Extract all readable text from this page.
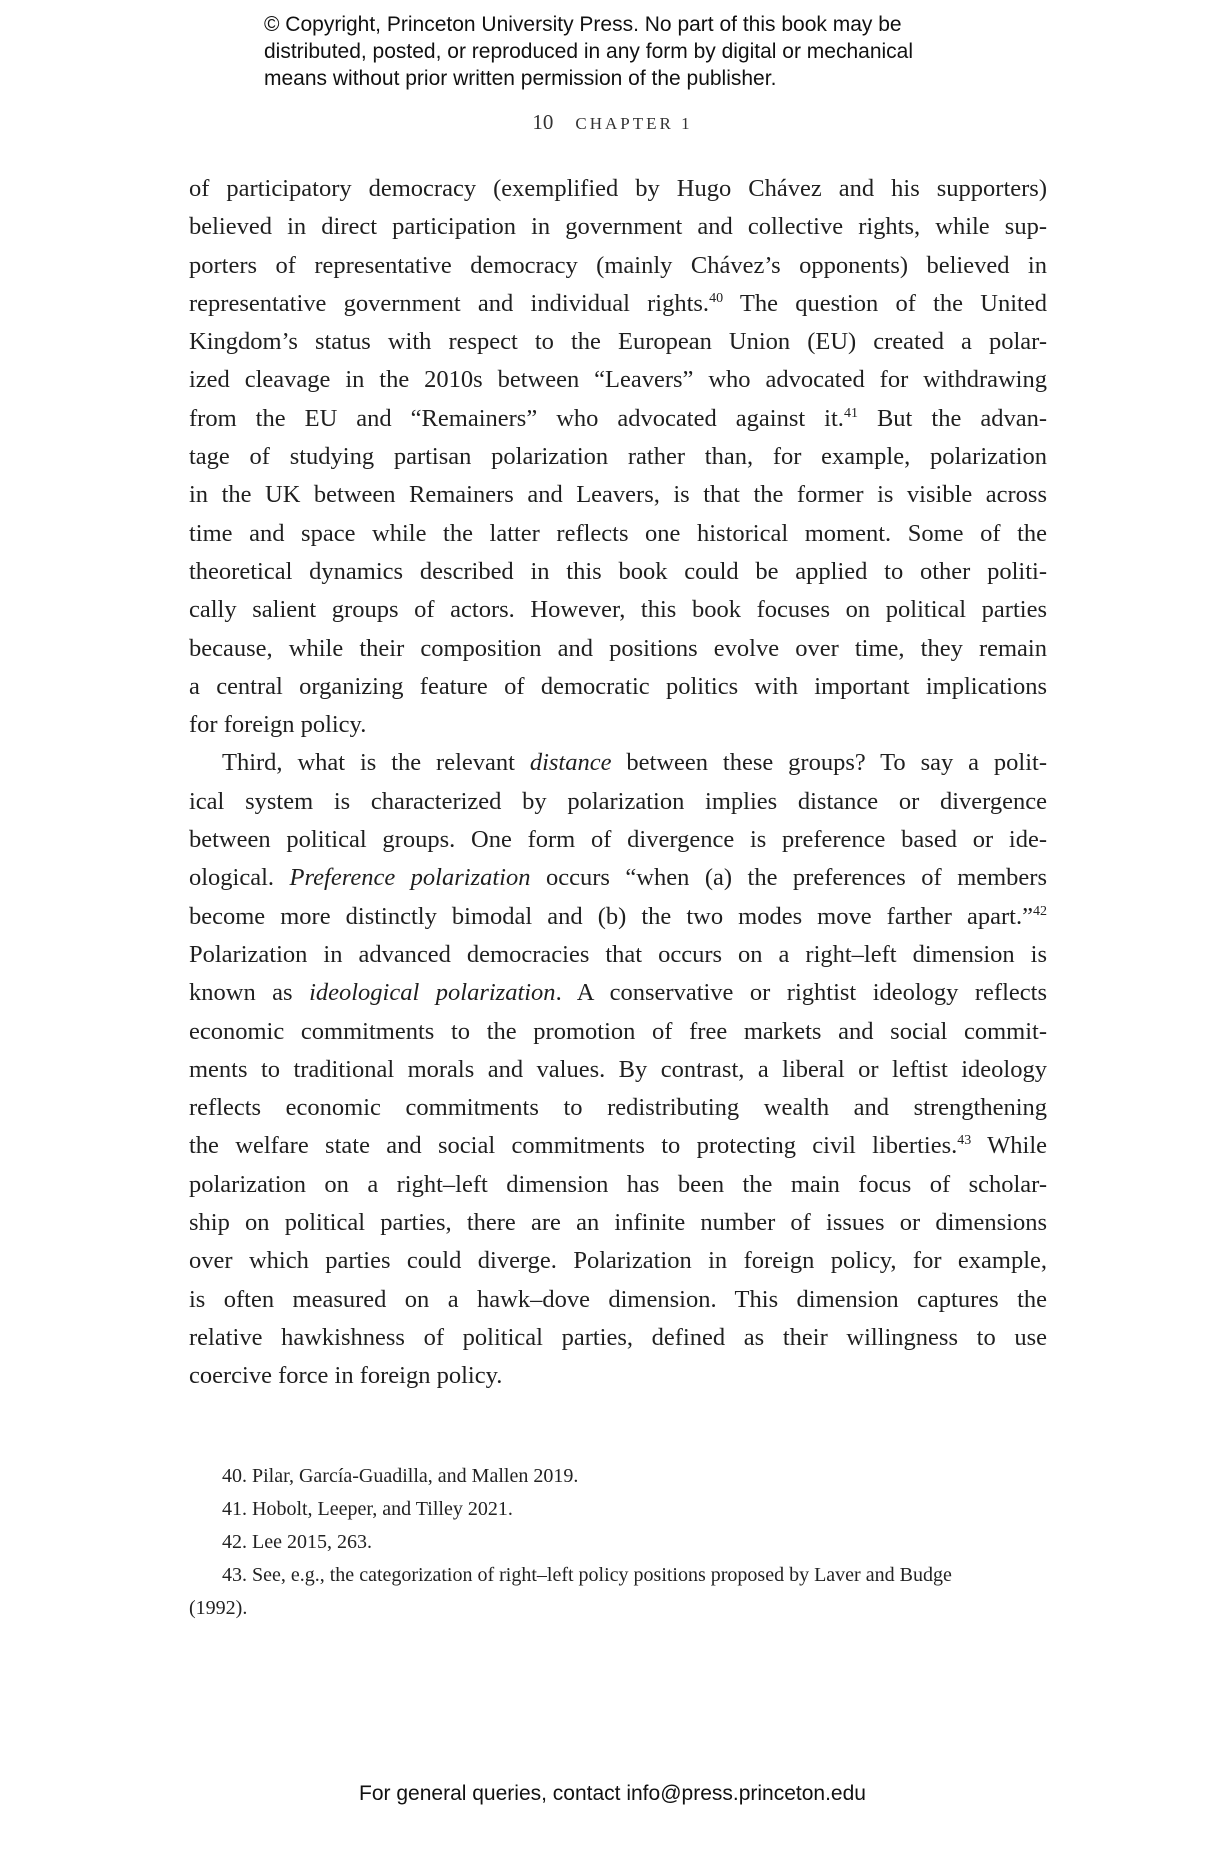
© Copyright, Princeton University Press. No part of this book may be
distributed, posted, or reproduced in any form by digital or mechanical
means without prior written permission of the publisher.
10 CHAPTER 1
of participatory democracy (exemplified by Hugo Chávez and his supporters)
believed in direct participation in government and collective rights, while sup-
porters of representative democracy (mainly Chávez’s opponents) believed in
representative government and individual rights.$^{40}$ The question of the United
Kingdom’s status with respect to the European Union (EU) created a polar-
ized cleavage in the 2010s between “Leavers” who advocated for withdrawing
from the EU and “Remainers” who advocated against it.$^{41}$ But the advan-
tage of studying partisan polarization rather than, for example, polarization
in the UK between Remainers and Leavers, is that the former is visible across
time and space while the latter reflects one historical moment. Some of the
theoretical dynamics described in this book could be applied to other politi-
cally salient groups of actors. However, this book focuses on political parties
because, while their composition and positions evolve over time, they remain
a central organizing feature of democratic politics with important implications
for foreign policy.
Third, what is the relevant distance between these groups? To say a polit-
ical system is characterized by polarization implies distance or divergence
between political groups. One form of divergence is preference based or ide-
ological. Preference polarization occurs “when (a) the preferences of members
become more distinctly bimodal and (b) the two modes move farther apart.”$^{42}$
Polarization in advanced democracies that occurs on a right–left dimension is
known as ideological polarization. A conservative or rightist ideology reflects
economic commitments to the promotion of free markets and social commit-
ments to traditional morals and values. By contrast, a liberal or leftist ideology
reflects economic commitments to redistributing wealth and strengthening
the welfare state and social commitments to protecting civil liberties.$^{43}$ While
polarization on a right–left dimension has been the main focus of scholar-
ship on political parties, there are an infinite number of issues or dimensions
over which parties could diverge. Polarization in foreign policy, for example,
is often measured on a hawk–dove dimension. This dimension captures the
relative hawkishness of political parties, defined as their willingness to use
coercive force in foreign policy.
40. Pilar, García-Guadilla, and Mallen 2019.
41. Hobolt, Leeper, and Tilley 2021.
42. Lee 2015, 263.
43. See, e.g., the categorization of right–left policy positions proposed by Laver and Budge
(1992).
For general queries, contact info@press.princeton.edu
